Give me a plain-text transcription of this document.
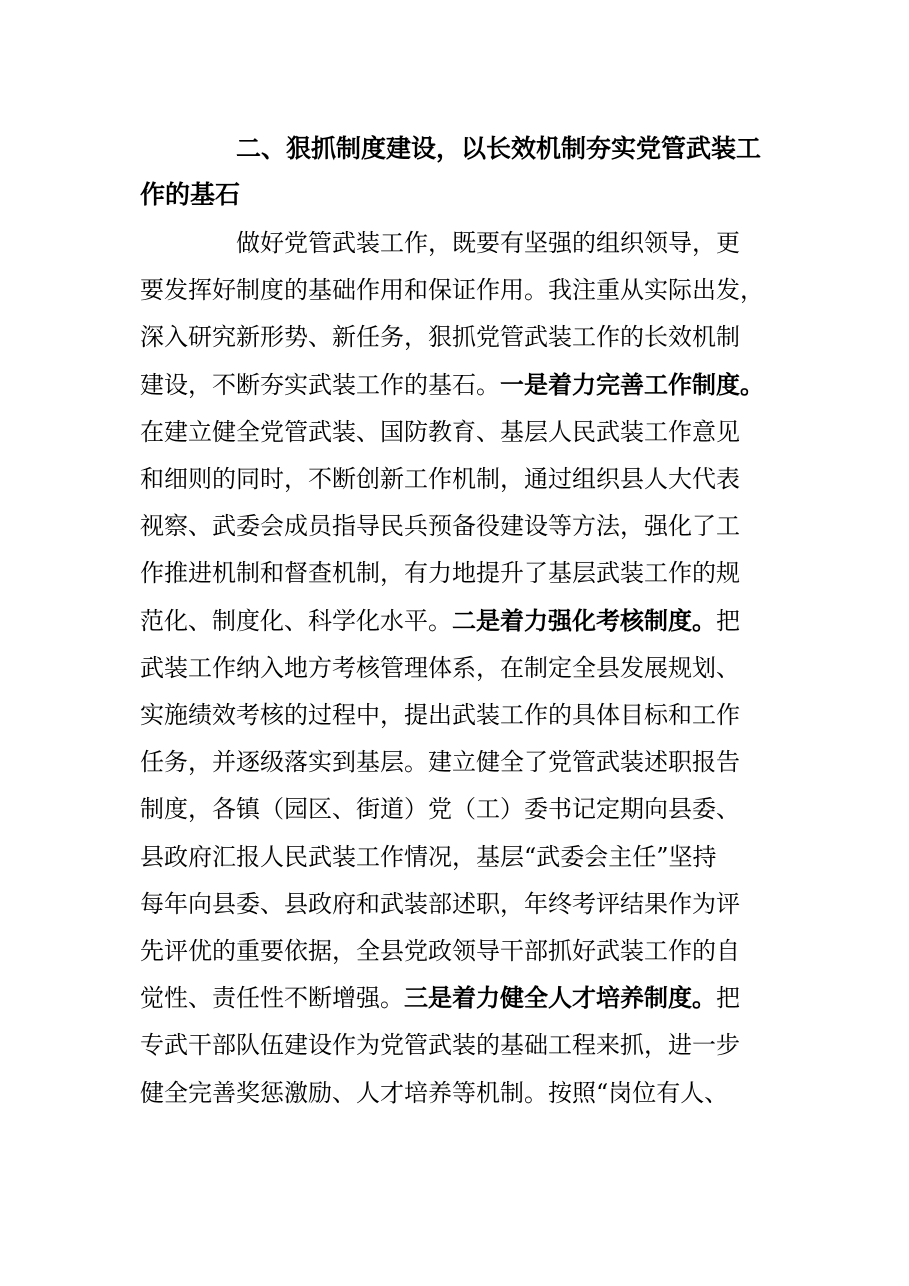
二、狠抓制度建设，以长效机制夯实党管武装工
作的基石

做好党管武装工作，既要有坚强的组织领导，更
要发挥好制度的基础作用和保证作用。我注重从实际出发，
深入研究新形势、新任务，狠抓党管武装工作的长效机制
建设，不断夯实武装工作的基石。一是着力完善工作制度。
在建立健全党管武装、国防教育、基层人民武装工作意见
和细则的同时，不断创新工作机制，通过组织县人大代表
视察、武委会成员指导民兵预备役建设等方法，强化了工
作推进机制和督查机制，有力地提升了基层武装工作的规
范化、制度化、科学化水平。二是着力强化考核制度。把
武装工作纳入地方考核管理体系，在制定全县发展规划、
实施绩效考核的过程中，提出武装工作的具体目标和工作
任务，并逐级落实到基层。建立健全了党管武装述职报告
制度，各镇（园区、街道）党（工）委书记定期向县委、
县政府汇报人民武装工作情况，基层“武委会主任”坚持
每年向县委、县政府和武装部述职，年终考评结果作为评
先评优的重要依据，全县党政领导干部抓好武装工作的自
觉性、责任性不断增强。三是着力健全人才培养制度。把
专武干部队伍建设作为党管武装的基础工程来抓，进一步
健全完善奖惩激励、人才培养等机制。按照“岗位有人、
